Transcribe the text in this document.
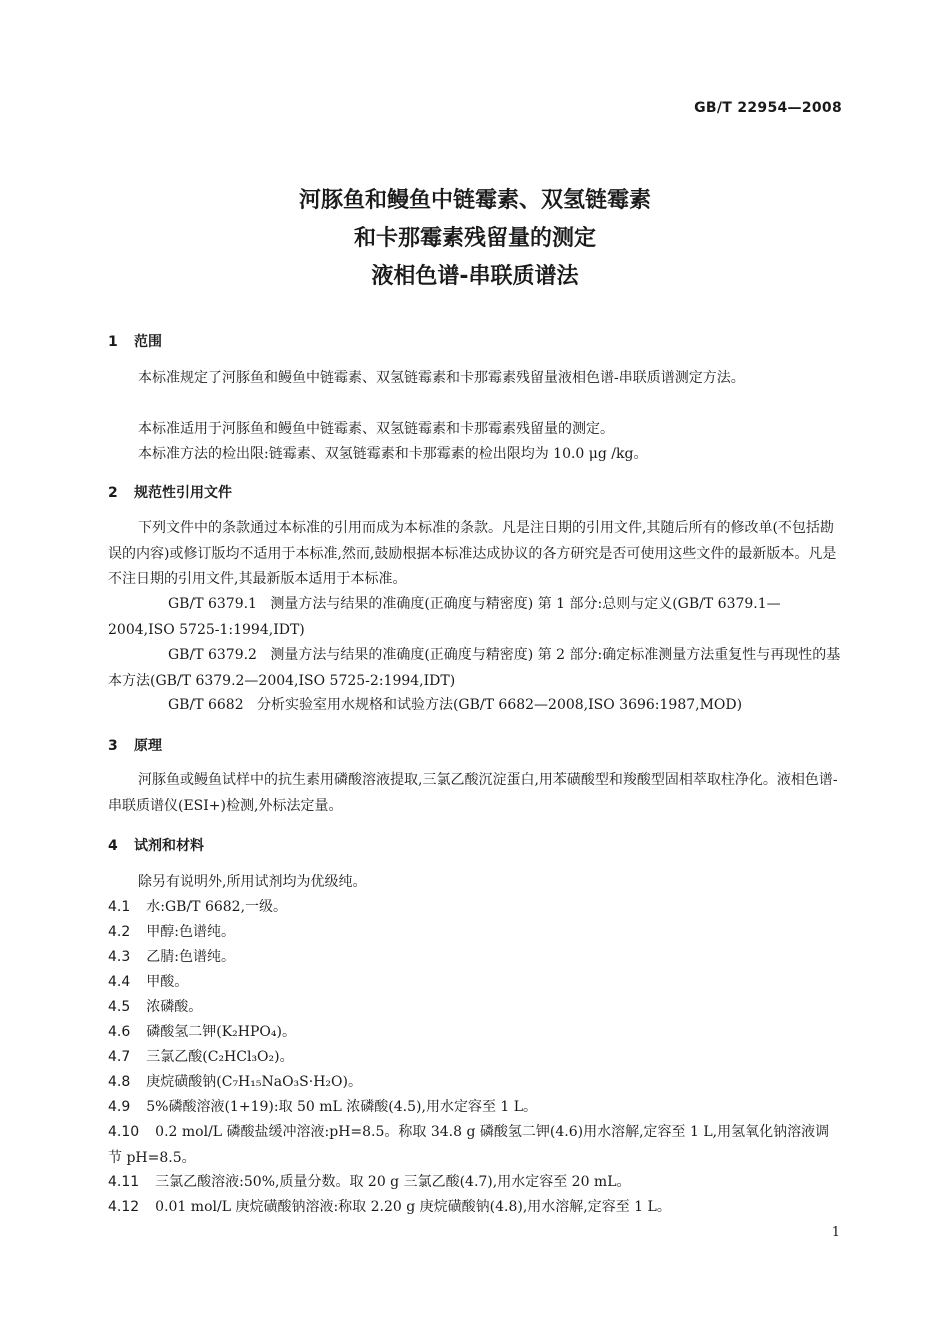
GB/T 22954—2008
河豚鱼和鳗鱼中链霉素、双氢链霉素
和卡那霉素残留量的测定
液相色谱-串联质谱法
1 范围
本标准规定了河豚鱼和鳗鱼中链霉素、双氢链霉素和卡那霉素残留量液相色谱-串联质谱测定方法。
本标准适用于河豚鱼和鳗鱼中链霉素、双氢链霉素和卡那霉素残留量的测定。
本标准方法的检出限:链霉素、双氢链霉素和卡那霉素的检出限均为 10.0 μg /kg。
2 规范性引用文件
下列文件中的条款通过本标准的引用而成为本标准的条款。凡是注日期的引用文件,其随后所有的修改单(不包括勘误的内容)或修订版均不适用于本标准,然而,鼓励根据本标准达成协议的各方研究是否可使用这些文件的最新版本。凡是不注日期的引用文件,其最新版本适用于本标准。
GB/T 6379.1 测量方法与结果的准确度(正确度与精密度) 第 1 部分:总则与定义(GB/T 6379.1—2004,ISO 5725-1:1994,IDT)
GB/T 6379.2 测量方法与结果的准确度(正确度与精密度) 第 2 部分:确定标准测量方法重复性与再现性的基本方法(GB/T 6379.2—2004,ISO 5725-2:1994,IDT)
GB/T 6682 分析实验室用水规格和试验方法(GB/T 6682—2008,ISO 3696:1987,MOD)
3 原理
河豚鱼或鳗鱼试样中的抗生素用磷酸溶液提取,三氯乙酸沉淀蛋白,用苯磺酸型和羧酸型固相萃取柱净化。液相色谱-串联质谱仪(ESI+)检测,外标法定量。
4 试剂和材料
除另有说明外,所用试剂均为优级纯。
4.1 水:GB/T 6682,一级。
4.2 甲醇:色谱纯。
4.3 乙腈:色谱纯。
4.4 甲酸。
4.5 浓磷酸。
4.6 磷酸氢二钾(K₂HPO₄)。
4.7 三氯乙酸(C₂HCl₃O₂)。
4.8 庚烷磺酸钠(C₇H₁₅NaO₃S·H₂O)。
4.9 5%磷酸溶液(1+19):取 50 mL 浓磷酸(4.5),用水定容至 1 L。
4.10 0.2 mol/L 磷酸盐缓冲溶液:pH=8.5。称取 34.8 g 磷酸氢二钾(4.6)用水溶解,定容至 1 L,用氢氧化钠溶液调节 pH=8.5。
4.11 三氯乙酸溶液:50%,质量分数。取 20 g 三氯乙酸(4.7),用水定容至 20 mL。
4.12 0.01 mol/L 庚烷磺酸钠溶液:称取 2.20 g 庚烷磺酸钠(4.8),用水溶解,定容至 1 L。
1
